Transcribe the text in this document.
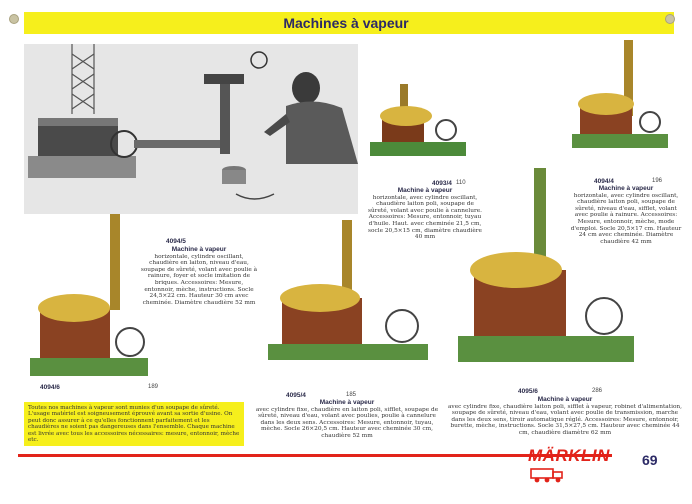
Machines à vapeur
4093/4 110
Machine à vapeur
horizontale, avec cylindre oscillant, chaudière laiton poli, soupape de sûreté, volant avec poulie à cannelure. Accessoires: Mesure, entonnoir, tuyau d'huile. Haut. avec cheminée 21,5 cm, socle 20,5×15 cm, diamètre chaudière 40 mm
4094/4	196
Machine à vapeur
horizontale, avec cylindre oscillant, chaudière laiton poli, soupape de sûreté, niveau d'eau, sifflet, volant avec poulie à rainure. Accessoires: Mesure, entonnoir, mèche, mode d'emploi. Socle 20,5×17 cm. Hauteur 24 cm avec cheminée. Diamètre chaudière 42 mm
4094/5
Machine à vapeur
horizontale, cylindre oscillant, chaudière en laiton, niveau d'eau, soupape de sûreté, volant avec poulie à rainure, foyer et socle imitation de briques. Accessoires: Mesure, entonnoir, mèche, instructions. Socle 24,5×22 cm. Hauteur 30 cm avec cheminée. Diamètre chaudière 52 mm
4094/6	189
4095/4	185
Machine à vapeur
avec cylindre fixe, chaudière en laiton poli, sifflet, soupape de sûreté, niveau d'eau, volant avec poulies, poulie à cannelure dans les deux sens. Accessoires: Mesure, entonnoir, tuyau, mèche. Socle 26×20,5 cm. Hauteur avec cheminée 30 cm, chaudière 52 mm
4095/6	286
Machine à vapeur
avec cylindre fixe, chaudière laiton poli, sifflet à vapeur, robinet d'alimentation, soupape de sûreté, niveau d'eau, volant avec poulie de transmission, marche dans les deux sens, tiroir automatique réglé. Accessoires: Mesure, entonnoir, burette, mèche, instructions. Socle 31,5×27,5 cm. Hauteur avec cheminée 44 cm, chaudière diamètre 62 mm
Toutes nos machines à vapeur sont munies d'un soupape de sûreté. L'usage matériel est soigneusement éprouvé avant sa sortie d'usine. On peut donc assurer à ce qu'elles fonctionnent parfaitement et les chaudières ne soient pas dangereuses dans l'ensemble. Chaque machine est livrée avec tous les accessoires nécessaires: mesure, entonnoir, mèche etc.
MÄRKLIN	69
